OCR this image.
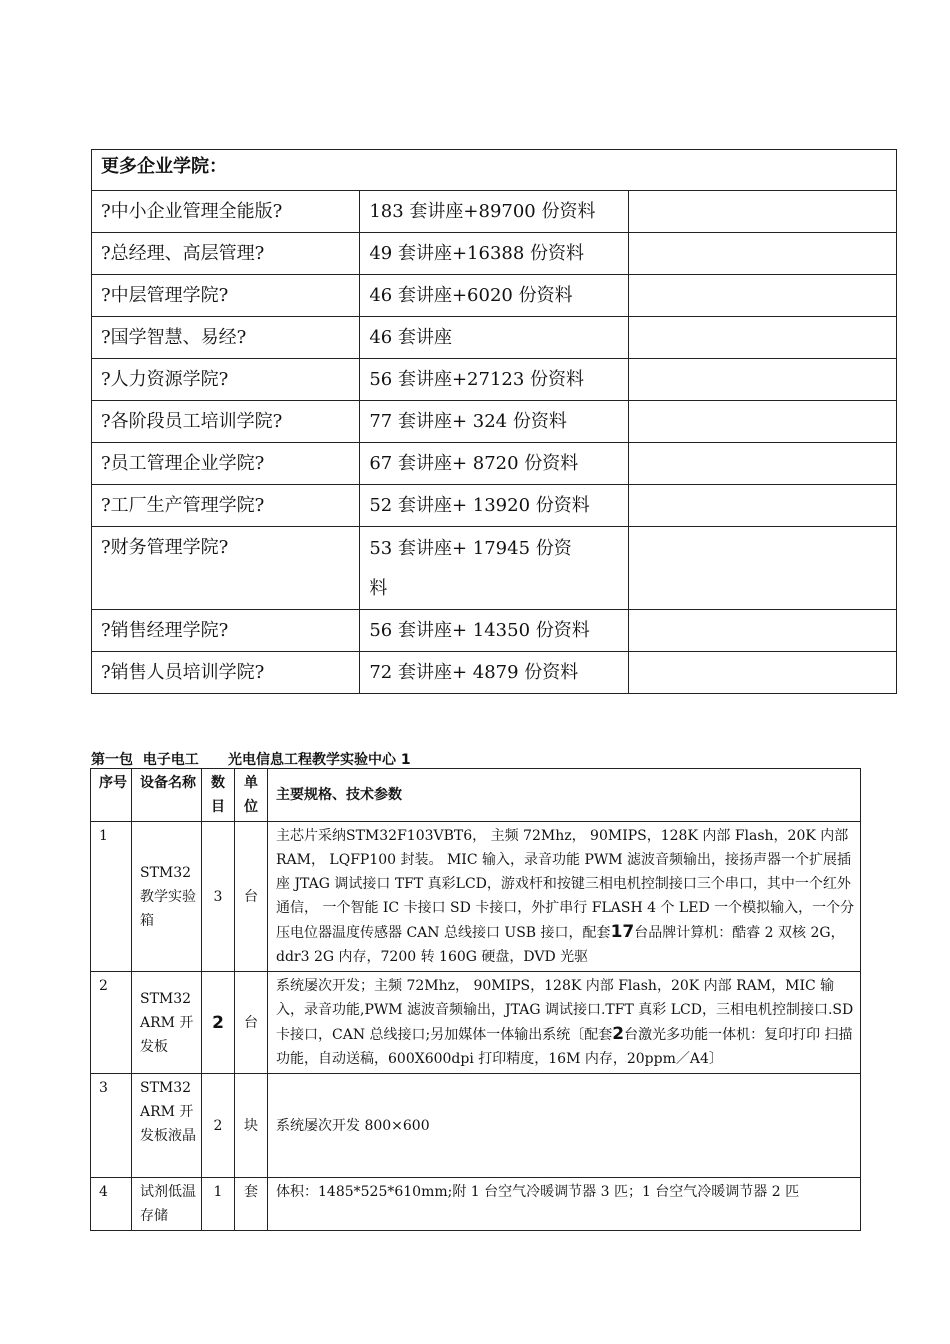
更多企业学院：		
?中小企业管理全能版?	183 套讲座+89700 份资料	
?总经理、高层管理?	49 套讲座+16388 份资料	
?中层管理学院?	46 套讲座+6020 份资料	
?国学智慧、易经?	46 套讲座	
?人力资源学院?	56 套讲座+27123 份资料	
?各阶段员工培训学院?	77 套讲座+ 324 份资料	
?员工管理企业学院?	67 套讲座+ 8720 份资料	
?工厂生产管理学院?	52 套讲座+ 13920 份资料	
?财务管理学院?	53 套讲座+ 17945 份资料	
?销售经理学院?	56 套讲座+ 14350 份资料	
?销售人员培训学院?	72 套讲座+ 4879 份资料	
第一包  电子电工      光电信息工程教学实验中心 1
序号	设备名称	数目	单位	主要规格、技术参数
1	STM32 教学实验箱	3	台	主芯片采纳STM32F103VBT6， 主频 72Mhz， 90MIPS，128K 内部 Flash，20K 内部 RAM， LQFP100 封装。 MIC 输入，录音功能 PWM 滤波音频输出，接扬声器一个扩展插座 JTAG 调试接口 TFT 真彩LCD，游戏杆和按键三相电机控制接口三个串口，其中一个红外通信， 一个智能 IC 卡接口 SD 卡接口，外扩串行 FLASH 4 个 LED 一个模拟输入，一个分压电位器温度传感器 CAN 总线接口 USB 接口，配套17台品牌计算机：酷睿 2 双核 2G，ddr3 2G 内存，7200 转 160G 硬盘，DVD 光驱
2	STM32 ARM 开发板	2	台	系统屡次开发；主频 72Mhz， 90MIPS，128K 内部 Flash，20K 内部 RAM，MIC 输入，录音功能,PWM 滤波音频输出，JTAG 调试接口.TFT 真彩 LCD，三相电机控制接口.SD 卡接口，CAN 总线接口;另加媒体一体输出系统〔配套2台激光多功能一体机：复印打印 扫描 功能，自动送稿，600X600dpi 打印精度，16M 内存，20ppm／A4〕
3	STM32 ARM 开发板液晶	2	块	系统屡次开发 800×600
4	试剂低温存储	1	套	体积：1485*525*610mm;附 1 台空气冷暖调节器 3 匹；1 台空气冷暖调节器 2 匹
